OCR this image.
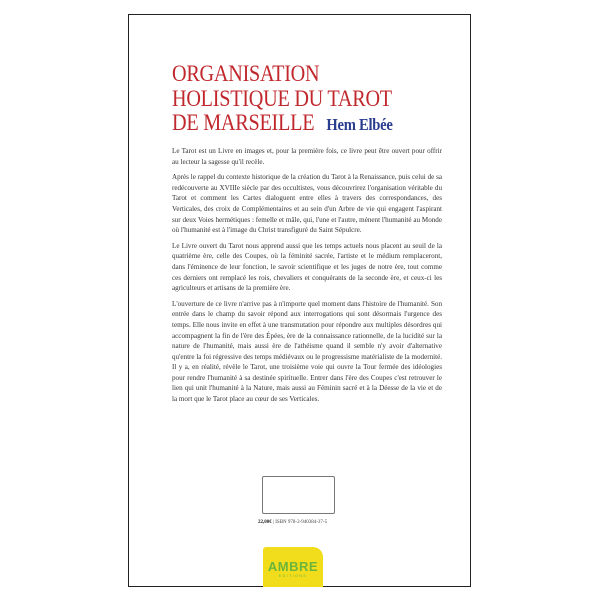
ORGANISATION
HOLISTIQUE DU TAROT
DE MARSEILLE Hem Elbée

Le Tarot est un Livre en images et, pour la première fois, ce livre peut être ouvert pour offrir au lecteur la sagesse qu'il recèle.

Après le rappel du contexte historique de la création du Tarot à la Renaissance, puis celui de sa redécouverte au XVIIIe siècle par des occultistes, vous découvrirez l'organisation véritable du Tarot et comment les Cartes dialoguent entre elles à travers des correspondances, des Verticales, des croix de Complémentaires et au sein d'un Arbre de vie qui engagent l'aspirant sur deux Voies hermétiques : femelle et mâle, qui, l'une et l'autre, mènent l'humanité au Monde où l'humanité est à l'image du Christ transfiguré du Saint Sépulcre.

Le Livre ouvert du Tarot nous apprend aussi que les temps actuels nous placent au seuil de la quatrième ère, celle des Coupes, où la féminité sacrée, l'artiste et le médium remplaceront, dans l'éminence de leur fonction, le savoir scientifique et les juges de notre ère, tout comme ces derniers ont remplacé les rois, chevaliers et conquérants de la seconde ère, et ceux-ci les agriculteurs et artisans de la première ère.

L'ouverture de ce livre n'arrive pas à n'importe quel moment dans l'histoire de l'humanité. Son entrée dans le champ du savoir répond aux interrogations qui sont désormais l'urgence des temps. Elle nous invite en effet à une transmutation pour répondre aux multiples désordres qui accompagnent la fin de l'ère des Épées, ère de la connaissance rationnelle, de la lucidité sur la nature de l'humanité, mais aussi ère de l'athéisme quand il semble n'y avoir d'alternative qu'entre la foi régressive des temps médiévaux ou le progressisme matérialiste de la modernité. Il y a, en réalité, révèle le Tarot, une troisième voie qui ouvre la Tour fermée des idéologies pour rendre l'humanité à sa destinée spirituelle. Entrer dans l'ère des Coupes c'est retrouver le lien qui unit l'humanité à la Nature, mais aussi au Féminin sacré et à la Déesse de la vie et de la mort que le Tarot place au cœur de ses Verticales.

22,00€ | ISBN 978-2-940384-37-5
AMBRE
EDITIONS
